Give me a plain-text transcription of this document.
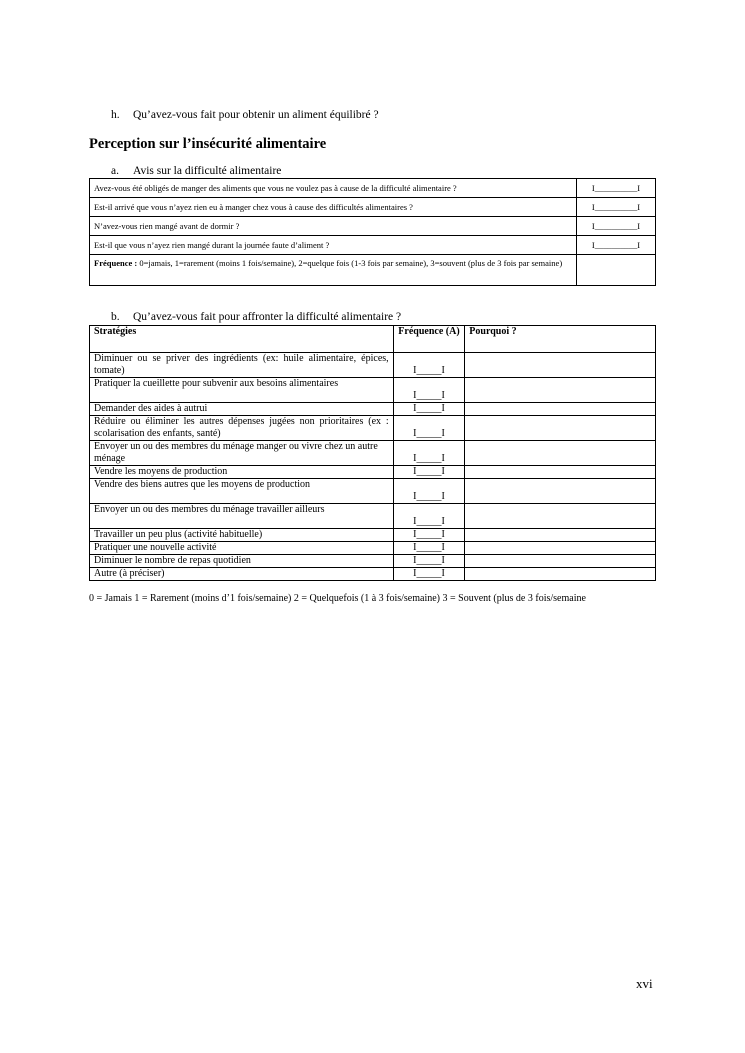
h. Qu’avez-vous fait pour obtenir un aliment équilibré ?
Perception sur l’insécurité alimentaire
a. Avis sur la difficulté alimentaire
Avez-vous été obligés de manger des aliments que vous ne voulez pas à cause de la difficulté alimentaire ?	I__________I
Est-il arrivé que vous n’ayez rien eu à manger chez vous à cause des difficultés alimentaires ?	I__________I
N’avez-vous rien mangé avant de dormir ?	I__________I
Est-il que vous n’ayez rien mangé durant la journée faute d’aliment ?	I__________I
Fréquence : 0=jamais, 1=rarement (moins 1 fois/semaine), 2=quelque fois (1-3 fois par semaine), 3=souvent (plus de 3 fois par semaine)	
b. Qu’avez-vous fait pour affronter la difficulté alimentaire ?
Stratégies	Fréquence (A)	Pourquoi ?
Diminuer ou se priver des ingrédients (ex: huile alimentaire, épices, tomate)	I_____I	
Pratiquer la cueillette pour subvenir aux besoins alimentaires	I_____I	
Demander des aides à autrui	I_____I	
Réduire ou éliminer les autres dépenses jugées non prioritaires (ex : scolarisation des enfants, santé)	I_____I	
Envoyer un ou des membres du ménage manger ou vivre chez un autre ménage	I_____I	
Vendre les moyens de production	I_____I	
Vendre des biens autres que les moyens de production	I_____I	
Envoyer un ou des membres du ménage travailler ailleurs	I_____I	
Travailler un peu plus (activité habituelle)	I_____I	
Pratiquer une nouvelle activité	I_____I	
Diminuer le nombre de repas quotidien	I_____I	
Autre (à préciser)	I_____I	
0 = Jamais 1 = Rarement (moins d’1 fois/semaine) 2 = Quelquefois (1 à 3 fois/semaine) 3 = Souvent (plus de 3 fois/semaine
xvi
